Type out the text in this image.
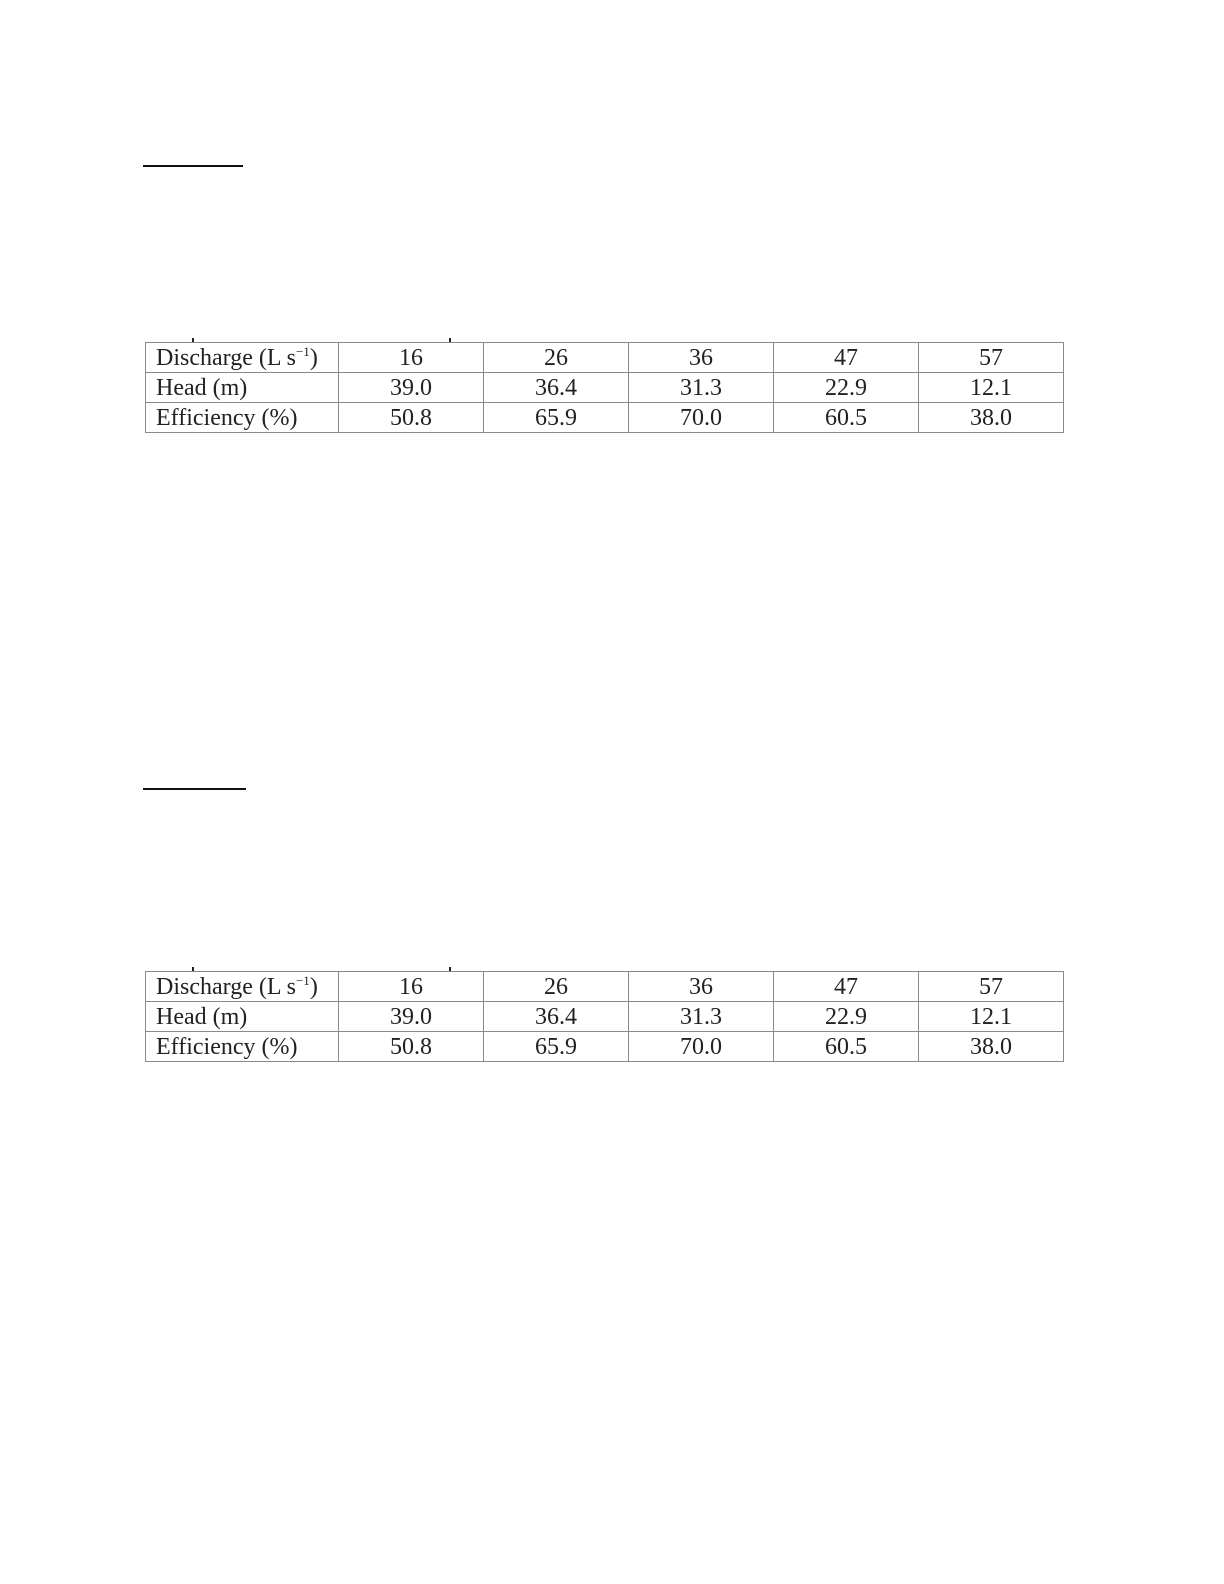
Discharge (L $s^{-1}$)	16	26	36	47	57
Head (m)	39.0	36.4	31.3	22.9	12.1
Efficiency (%)	50.8	65.9	70.0	60.5	38.0
Discharge (L $s^{-1}$)	16	26	36	47	57
Head (m)	39.0	36.4	31.3	22.9	12.1
Efficiency (%)	50.8	65.9	70.0	60.5	38.0
